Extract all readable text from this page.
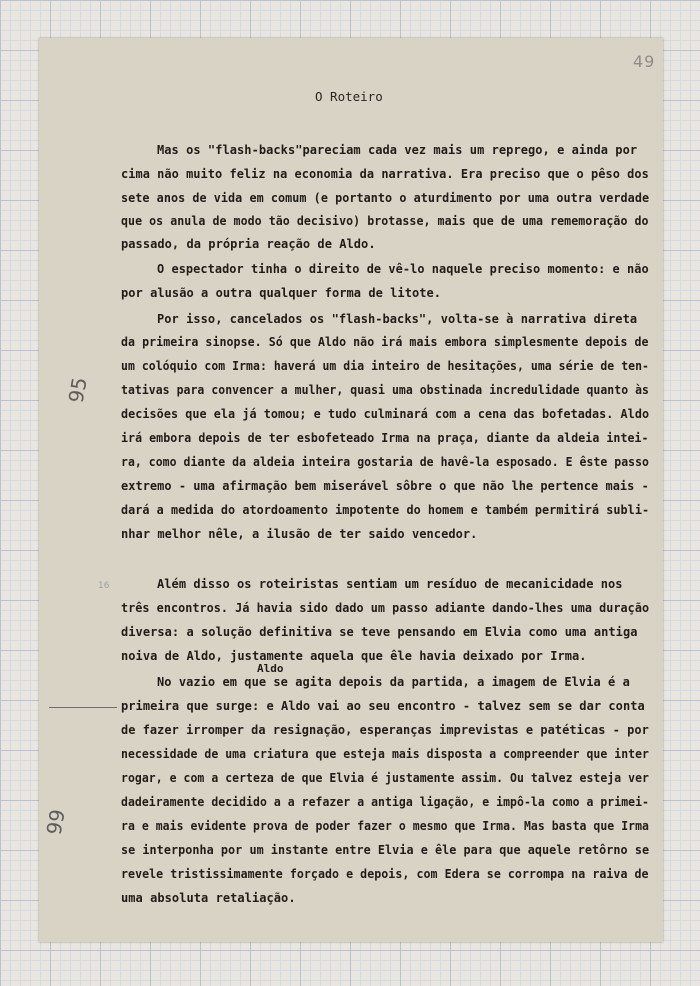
49
O Roteiro
95
16
99
Aldo
Mas os "flash-backs"pareciam cada vez mais um reprego, e ainda por
cima não muito feliz na economia da narrativa. Era preciso que o pêso dos
sete anos de vida em comum (e portanto o aturdimento por uma outra verdade
que os anula de modo tão decisivo) brotasse, mais que de uma rememoração do
passado, da própria reação de Aldo.
O espectador tinha o direito de vê-lo naquele preciso momento: e não
por alusão a outra qualquer forma de litote.
Por isso, cancelados os "flash-backs", volta-se à narrativa direta
da primeira sinopse. Só que Aldo não irá mais embora simplesmente depois de
um colóquio com Irma: haverá um dia inteiro de hesitações, uma série de ten-
tativas para convencer a mulher, quasi uma obstinada incredulidade quanto às
decisões que ela já tomou; e tudo culminará com a cena das bofetadas. Aldo
irá embora depois de ter esbofeteado Irma na praça, diante da aldeia intei-
ra, como diante da aldeia inteira gostaria de havê-la esposado. E êste passo
extremo - uma afirmação bem miserável sôbre o que não lhe pertence mais -
dará a medida do atordoamento impotente do homem e também permitirá subli-
nhar melhor nêle, a ilusão de ter saido vencedor.
Além disso os roteiristas sentiam um resíduo de mecanicidade nos
três encontros. Já havia sido dado um passo adiante dando-lhes uma duração
diversa: a solução definitiva se teve pensando em Elvia como uma antiga
noiva de Aldo, justamente aquela que êle havia deixado por Irma.
No vazio em que se agita depois da partida, a imagem de Elvia é a
primeira que surge: e Aldo vai ao seu encontro - talvez sem se dar conta
de fazer irromper da resignação, esperanças imprevistas e patéticas - por
necessidade de uma criatura que esteja mais disposta a compreender que inter
rogar, e com a certeza de que Elvia é justamente assim. Ou talvez esteja ver
dadeiramente decidido a a refazer a antiga ligação, e impô-la como a primei-
ra e mais evidente prova de poder fazer o mesmo que Irma. Mas basta que Irma
se interponha por um instante entre Elvia e êle para que aquele retôrno se
revele tristissimamente forçado e depois, com Edera se corrompa na raiva de
uma absoluta retaliação.
